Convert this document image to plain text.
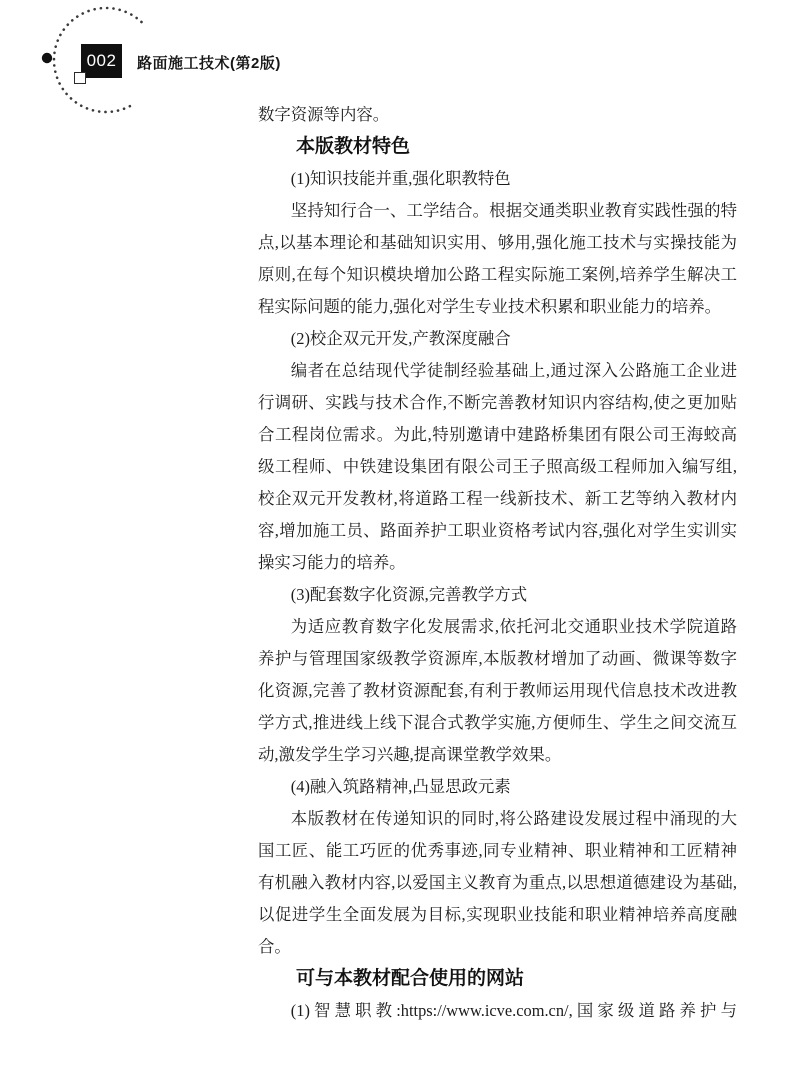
002 路面施工技术(第2版)

数字资源等内容。

本版教材特色

(1)知识技能并重,强化职教特色

坚持知行合一、工学结合。根据交通类职业教育实践性强的特点,以基本理论和基础知识实用、够用,强化施工技术与实操技能为原则,在每个知识模块增加公路工程实际施工案例,培养学生解决工程实际问题的能力,强化对学生专业技术积累和职业能力的培养。

(2)校企双元开发,产教深度融合

编者在总结现代学徒制经验基础上,通过深入公路施工企业进行调研、实践与技术合作,不断完善教材知识内容结构,使之更加贴合工程岗位需求。为此,特别邀请中建路桥集团有限公司王海蛟高级工程师、中铁建设集团有限公司王子照高级工程师加入编写组,校企双元开发教材,将道路工程一线新技术、新工艺等纳入教材内容,增加施工员、路面养护工职业资格考试内容,强化对学生实训实操实习能力的培养。

(3)配套数字化资源,完善教学方式

为适应教育数字化发展需求,依托河北交通职业技术学院道路养护与管理国家级教学资源库,本版教材增加了动画、微课等数字化资源,完善了教材资源配套,有利于教师运用现代信息技术改进教学方式,推进线上线下混合式教学实施,方便师生、学生之间交流互动,激发学生学习兴趣,提高课堂教学效果。

(4)融入筑路精神,凸显思政元素

本版教材在传递知识的同时,将公路建设发展过程中涌现的大国工匠、能工巧匠的优秀事迹,同专业精神、职业精神和工匠精神有机融入教材内容,以爱国主义教育为重点,以思想道德建设为基础,以促进学生全面发展为目标,实现职业技能和职业精神培养高度融合。

可与本教材配合使用的网站

(1)智慧职教:https://www.icve.com.cn/,国家级道路养护与
